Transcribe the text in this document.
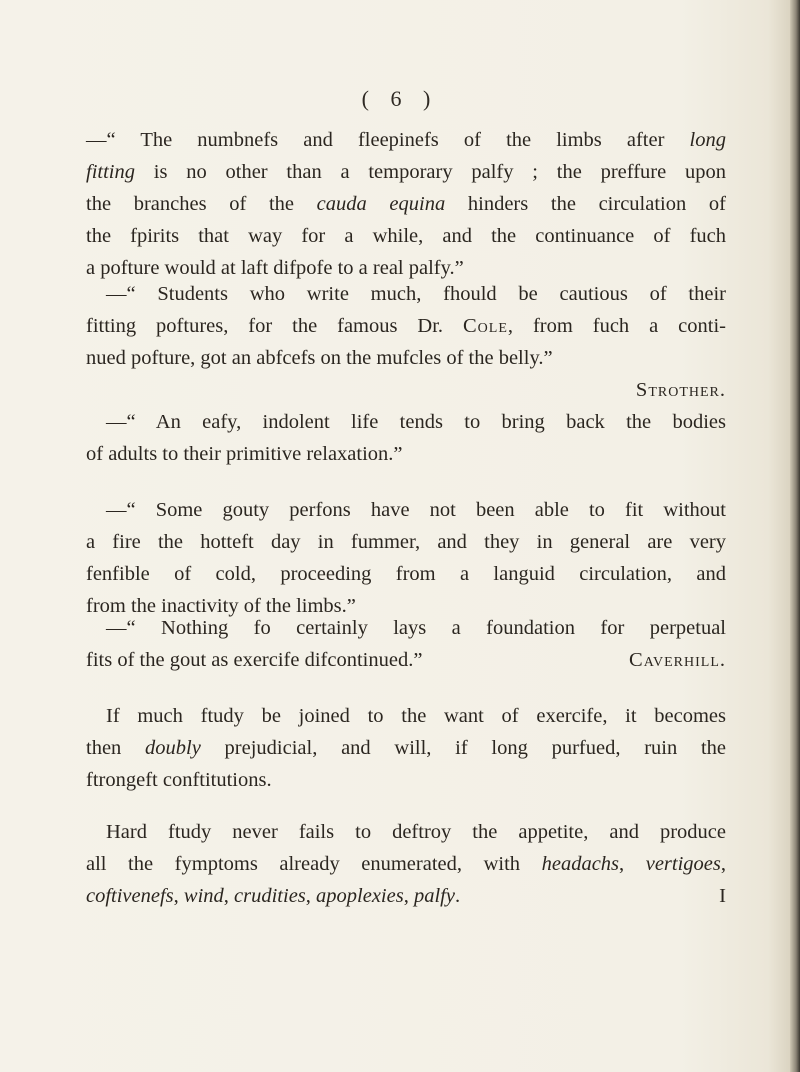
( 6 )
—“ The numbnefs and fleepinefs of the limbs after long
fitting is no other than a temporary palfy ; the preffure upon
the branches of the cauda equina hinders the circulation of
the fpirits that way for a while, and the continuance of fuch
a pofture would at laft difpofe to a real palfy.”
—“ Students who write much, fhould be cautious of their
fitting poftures, for the famous Dr. Cole, from fuch a conti-
nued pofture, got an abfcefs on the mufcles of the belly.”
Strother.
—“ An eafy, indolent life tends to bring back the bodies
of adults to their primitive relaxation.”
—“ Some gouty perfons have not been able to fit without
a fire the hotteft day in fummer, and they in general are very
fenfible of cold, proceeding from a languid circulation, and
from the inactivity of the limbs.”
—“ Nothing fo certainly lays a foundation for perpetual
fits of the gout as exercife difcontinued.”	Caverhill.
If much ftudy be joined to the want of exercife, it becomes
then doubly prejudicial, and will, if long purfued, ruin the
ftrongeft conftitutions.
Hard ftudy never fails to deftroy the appetite, and produce
all the fymptoms already enumerated, with headachs, vertigoes,
coftivenefs, wind, crudities, apoplexies, palfy.	I
